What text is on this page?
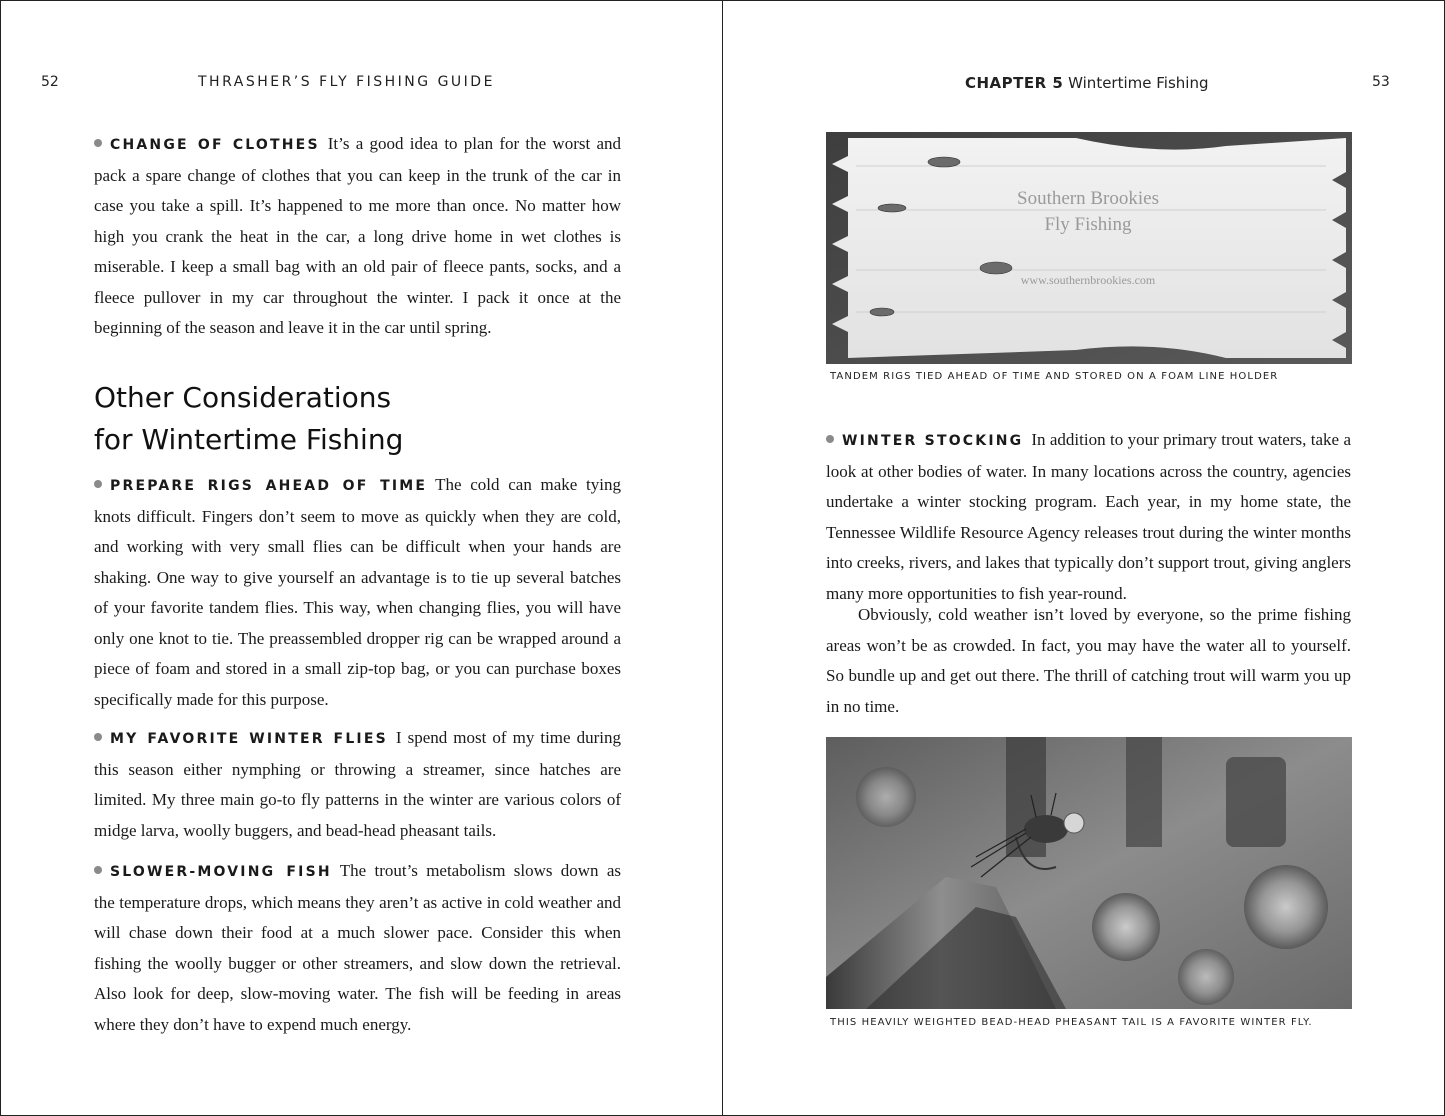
52	THRASHER’S FLY FISHING GUIDE
CHANGE OF CLOTHES It’s a good idea to plan for the worst and pack a spare change of clothes that you can keep in the trunk of the car in case you take a spill. It’s happened to me more than once. No matter how high you crank the heat in the car, a long drive home in wet clothes is miserable. I keep a small bag with an old pair of fleece pants, socks, and a fleece pullover in my car throughout the winter. I pack it once at the beginning of the season and leave it in the car until spring.
Other Considerations
for Wintertime Fishing
PREPARE RIGS AHEAD OF TIME The cold can make tying knots difficult. Fingers don’t seem to move as quickly when they are cold, and working with very small flies can be difficult when your hands are shaking. One way to give yourself an advantage is to tie up several batches of your favorite tandem flies. This way, when changing flies, you will have only one knot to tie. The preassembled dropper rig can be wrapped around a piece of foam and stored in a small zip-top bag, or you can purchase boxes specifically made for this purpose.
MY FAVORITE WINTER FLIES I spend most of my time during this season either nymphing or throwing a streamer, since hatches are limited. My three main go-to fly patterns in the winter are various colors of midge larva, woolly buggers, and bead-head pheasant tails.
SLOWER-MOVING FISH The trout’s metabolism slows down as the temperature drops, which means they aren’t as active in cold weather and will chase down their food at a much slower pace. Consider this when fishing the woolly bugger or other streamers, and slow down the retrieval. Also look for deep, slow-moving water. The fish will be feeding in areas where they don’t have to expend much energy.
CHAPTER 5 Wintertime Fishing	53
Southern Brookies
Fly Fishing
www.southernbrookies.com
TANDEM RIGS TIED AHEAD OF TIME AND STORED ON A FOAM LINE HOLDER
WINTER STOCKING In addition to your primary trout waters, take a look at other bodies of water. In many locations across the country, agencies undertake a winter stocking program. Each year, in my home state, the Tennessee Wildlife Resource Agency releases trout during the winter months into creeks, rivers, and lakes that typically don’t support trout, giving anglers many more opportunities to fish year-round.
Obviously, cold weather isn’t loved by everyone, so the prime fishing areas won’t be as crowded. In fact, you may have the water all to yourself. So bundle up and get out there. The thrill of catching trout will warm you up in no time.
THIS HEAVILY WEIGHTED BEAD-HEAD PHEASANT TAIL IS A FAVORITE WINTER FLY.
